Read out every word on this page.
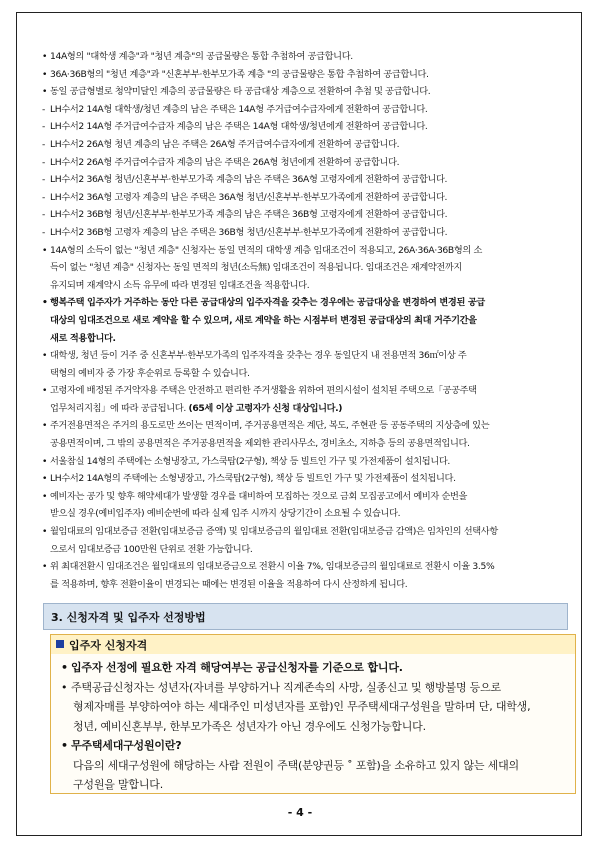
• 14A형의 "대학생 계층"과 "청년 계층"의 공급물량은 통합 추첨하여 공급합니다.
• 36A·36B형의 "청년 계층"과 "신혼부부·한부모가족 계층 "의 공급물량은 통합 추첨하여 공급합니다.
• 동일 공급형별로 청약미달인 계층의 공급물량은 타 공급대상 계층으로 전환하여 추첨 및 공급합니다.
- LH수서2 14A형 대학생/청년 계층의 남은 주택은 14A형 주거급여수급자에게 전환하여 공급합니다.
- LH수서2 14A형 주거급여수급자 계층의 남은 주택은 14A형 대학생/청년에게 전환하여 공급합니다.
- LH수서2 26A형 청년 계층의 남은 주택은 26A형 주거급여수급자에게 전환하여 공급합니다.
- LH수서2 26A형 주거급여수급자 계층의 남은 주택은 26A형 청년에게 전환하여 공급합니다.
- LH수서2 36A형 청년/신혼부부·한부모가족 계층의 남은 주택은 36A형 고령자에게 전환하여 공급합니다.
- LH수서2 36A형 고령자 계층의 남은 주택은 36A형 청년/신혼부부·한부모가족에게 전환하여 공급합니다.
- LH수서2 36B형 청년/신혼부부·한부모가족 계층의 남은 주택은 36B형 고령자에게 전환하여 공급합니다.
- LH수서2 36B형 고령자 계층의 남은 주택은 36B형 청년/신혼부부·한부모가족에게 전환하여 공급합니다.
• 14A형의 소득이 없는 "청년 계층" 신청자는 동일 면적의 대학생 계층 임대조건이 적용되고, 26A·36A·36B형의 소
득이 없는 "청년 계층" 신청자는 동일 면적의 청년(소득無) 임대조건이 적용됩니다. 임대조건은 재계약전까지
유지되며 재계약시 소득 유무에 따라 변경된 임대조건을 적용합니다.
• 행복주택 입주자가 거주하는 동안 다른 공급대상의 입주자격을 갖추는 경우에는 공급대상을 변경하여 변경된 공급
대상의 임대조건으로 새로 계약을 할 수 있으며, 새로 계약을 하는 시점부터 변경된 공급대상의 최대 거주기간을
새로 적용합니다.
• 대학생, 청년 등이 거주 중 신혼부부·한부모가족의 입주자격을 갖추는 경우 동일단지 내 전용면적 36㎡이상 주
택형의 예비자 중 가장 후순위로 등록할 수 있습니다.
• 고령자에 배정된 주거약자용 주택은 안전하고 편리한 주거생활을 위하여 편의시설이 설치된 주택으로「공공주택
업무처리지침」에 따라 공급됩니다. (65세 이상 고령자가 신청 대상입니다.)
• 주거전용면적은 주거의 용도로만 쓰이는 면적이며, 주거공용면적은 계단, 복도, 주현관 등 공동주택의 지상층에 있는
공용면적이며, 그 밖의 공용면적은 주거공용면적을 제외한 관리사무소, 경비초소, 지하층 등의 공용면적입니다.
• 서울참실 14형의 주택에는 소형냉장고, 가스쿡탑(2구형), 책상 등 빌트인 가구 및 가전제품이 설치됩니다.
• LH수서2 14A형의 주택에는 소형냉장고, 가스쿡탑(2구형), 책상 등 빌트인 가구 및 가전제품이 설치됩니다.
• 예비자는 공가 및 향후 해약세대가 발생할 경우를 대비하여 모집하는 것으로 금회 모집공고에서 예비자 순번을
받으실 경우(예비입주자) 예비순번에 따라 실제 입주 시까지 상당기간이 소요될 수 있습니다.
• 월임대료의 임대보증금 전환(임대보증금 증액) 및 임대보증금의 월임대료 전환(임대보증금 감액)은 임차인의 선택사항
으로서 임대보증금 100만원 단위로 전환 가능합니다.
• 위 최대전환시 임대조건은 월임대료의 임대보증금으로 전환시 이율 7%, 임대보증금의 월임대료로 전환시 이율 3.5%
를 적용하며, 향후 전환이율이 변경되는 때에는 변경된 이율을 적용하여 다시 산정하게 됩니다.
3. 신청자격 및 입주자 선정방법
입주자 신청자격
• 입주자 선정에 필요한 자격 해당여부는 공급신청자를 기준으로 합니다.
• 주택공급신청자는 성년자(자녀를 부양하거나 직계존속의 사망, 실종신고 및 행방불명 등으로
형제자매를 부양하여야 하는 세대주인 미성년자를 포함)인 무주택세대구성원을 말하며 단, 대학생,
청년, 예비신혼부부, 한부모가족은 성년자가 아닌 경우에도 신청가능합니다.
• 무주택세대구성원이란?
다음의 세대구성원에 해당하는 사람 전원이 주택(분양권등 ˚ 포함)을 소유하고 있지 않는 세대의
구성원을 말합니다.
- 4 -
